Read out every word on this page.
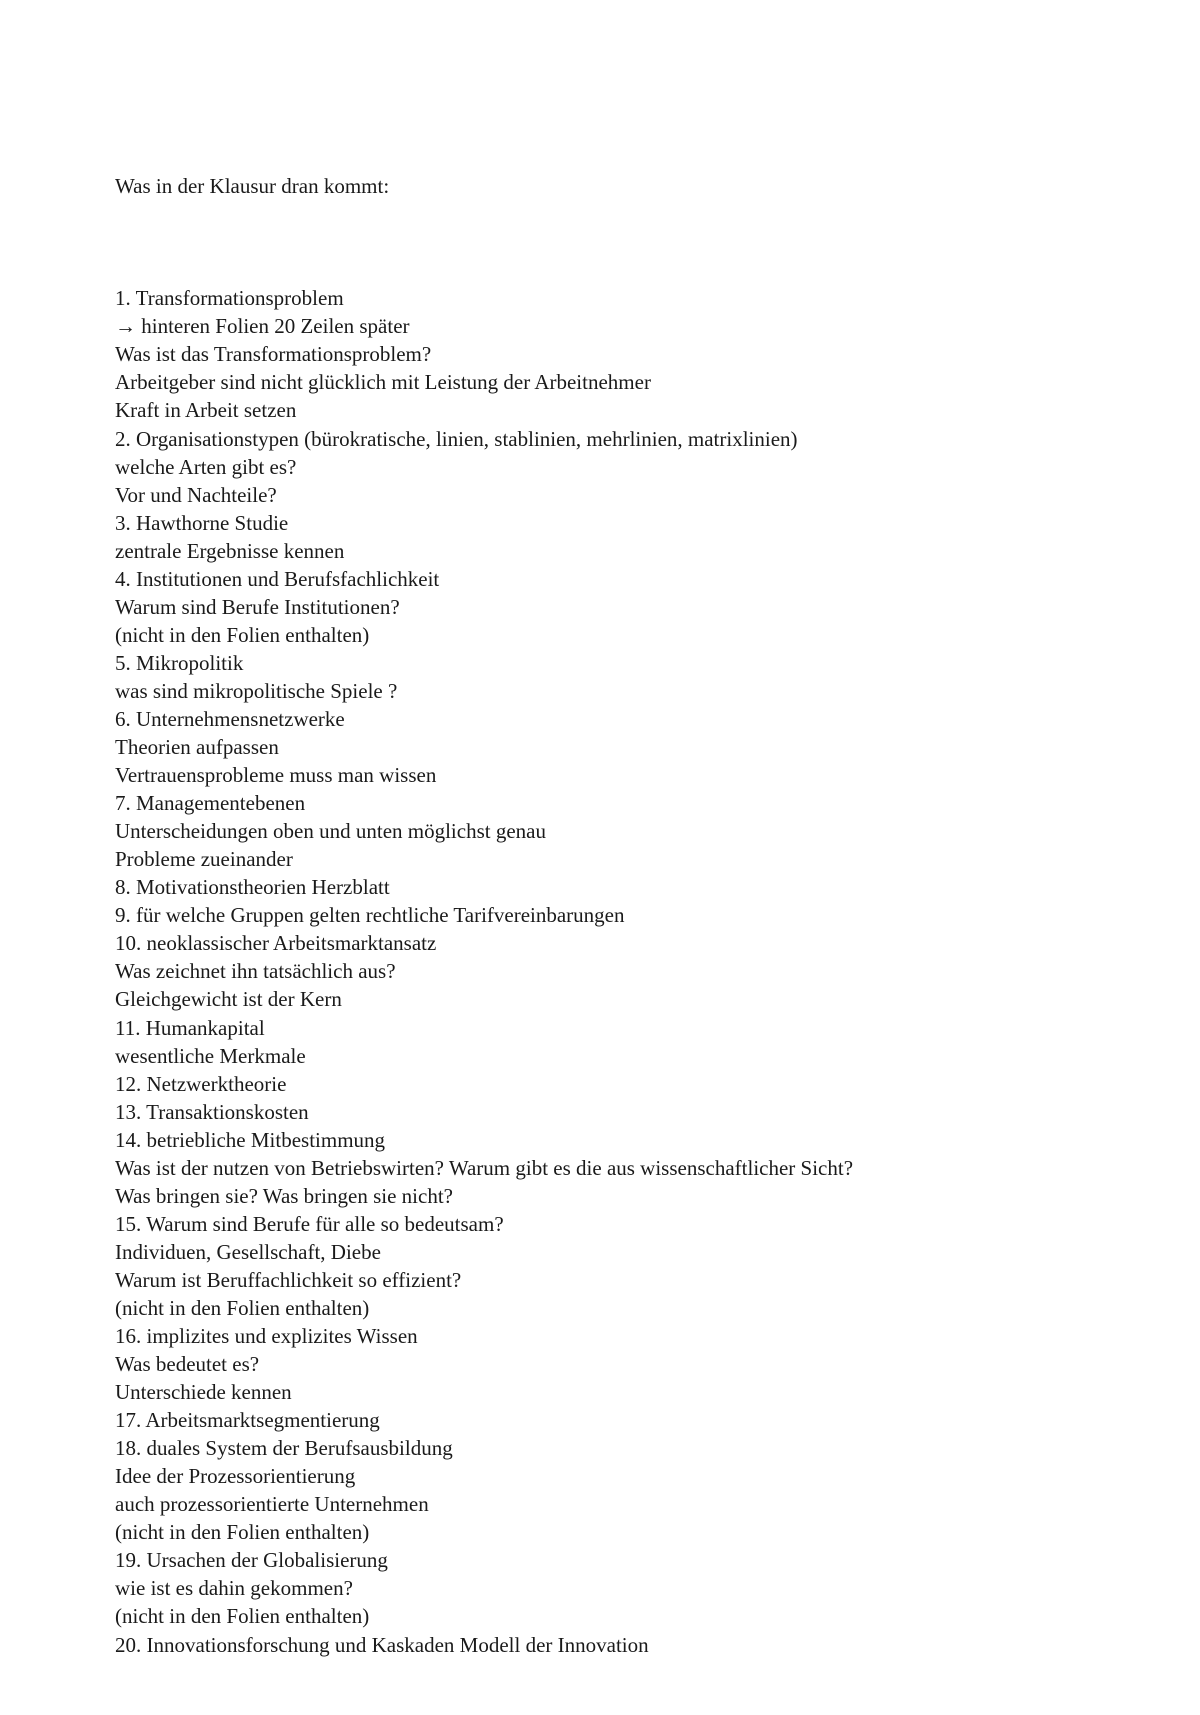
Was in der Klausur dran kommt:

1. Transformationsproblem
→ hinteren Folien 20 Zeilen später
Was ist das Transformationsproblem?
Arbeitgeber sind nicht glücklich mit Leistung der Arbeitnehmer
Kraft in Arbeit setzen
2. Organisationstypen (bürokratische, linien, stablinien, mehrlinien, matrixlinien)
welche Arten gibt es?
Vor und Nachteile?
3. Hawthorne Studie
zentrale Ergebnisse kennen
4. Institutionen und Berufsfachlichkeit
Warum sind Berufe Institutionen?
(nicht in den Folien enthalten)
5. Mikropolitik
was sind mikropolitische Spiele ?
6. Unternehmensnetzwerke
Theorien aufpassen
Vertrauensprobleme muss man wissen
7. Managementebenen
Unterscheidungen oben und unten möglichst genau
Probleme zueinander
8. Motivationstheorien Herzblatt
9. für welche Gruppen gelten rechtliche Tarifvereinbarungen
10. neoklassischer Arbeitsmarktansatz
Was zeichnet ihn tatsächlich aus?
Gleichgewicht ist der Kern
11. Humankapital
wesentliche Merkmale
12. Netzwerktheorie
13. Transaktionskosten
14. betriebliche Mitbestimmung
Was ist der nutzen von Betriebswirten? Warum gibt es die aus wissenschaftlicher Sicht?
Was bringen sie? Was bringen sie nicht?
15. Warum sind Berufe für alle so bedeutsam?
Individuen, Gesellschaft, Diebe
Warum ist Beruffachlichkeit so effizient?
(nicht in den Folien enthalten)
16. implizites und explizites Wissen
Was bedeutet es?
Unterschiede kennen
17. Arbeitsmarktsegmentierung
18. duales System der Berufsausbildung
Idee der Prozessorientierung
auch prozessorientierte Unternehmen
(nicht in den Folien enthalten)
19. Ursachen der Globalisierung
wie ist es dahin gekommen?
(nicht in den Folien enthalten)
20. Innovationsforschung und Kaskaden Modell der Innovation
